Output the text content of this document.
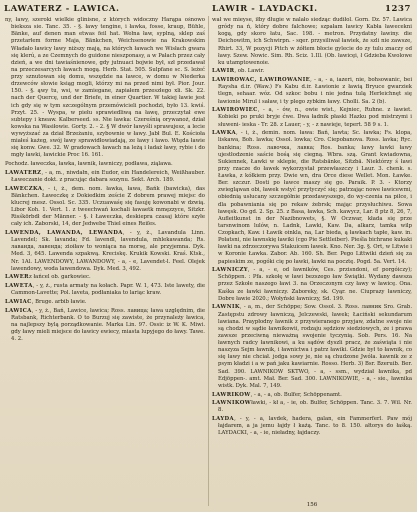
LAWATERZ - LAWICA.	LAWIR - LAYDACKI.	1237

ny, ławy, szeroki wielkie glinisne, z których widoczny Harąpa ośnowo bieksza sie. Tanc. 35. - §. ławy tengine, i ławka, fosse, kraup, Bühle, Bänke, auf denen man etwas feil hat. Wełna ław, syplną, sklep zaś przetarłem forme Maja, Bänkchen, Weichsenowie na Krakowskim Władało ławicy ławy niższy mają, na których ławach we Wisłach gwara się klerú, a ze Czemnych do guidone nieszponasy, a w Pałach przez cały dzień, a we dni tawiaśnienowe, gdy jutnuaci bojwie był, szł przedawał na przeczesarcych ławach mogą. Herb. Stat. 505. Sulpfane sc. S. leżeć przy sznutowan się domu, wszędzie na ławce, w domu w Niederka drzewców słowie ksiąg mogli, którzy mi na przed nimi był. Pior. Jour. 150. - §. ąwy tu, wsi, w zamiegane, zapiałem przeszłego xli. Sk. 22. nach der Quercę, und der Briefe, in einer Quartier. W takiej ławie jest ich gdy się w tym szczególnym przemówicieli pochodzi, było 13. kwiś. Przyt. 25. - Wyspa, w piełu sprawiedliwą na ławę, przeczytał ewe subtepy i kneaw. Kalberseed. ss. Nie ławka: Czereśnią orywanoż, dział kowska na Wasiłowie. Gorty. 2. - 2. § W dwór ławyśli sprawujesz, a lecie wywyższać za dział Brzeżaniu, szybownie w ławy. Jabł Bul. E. Kościoła miałeś każeg, swój ławy sprawidłowiadają, ze ławy i ławo. Wtęda ławie się konw. Gwe. 32. W gradowach ławach na leżą i ładaż ławy, rybie i do mgły ławki, ławickie Proc 16. 161.

Pochodz. ławeczka, ławka, ławnik, ławniczy, podława, ziąlawa.

LAWATERZ, - a, m., niwdałn, ein Eudor, ein Handelereich, Weißhauber. Ławeczanie dokt. z pracując dabara sozynu. Sekt. Arch. 189.

LAWECZKA, - i, ż., dem. nom. ławka, ława, Bańk (bawicka), das Bänkchen. Ławeczkę z Dokiedkim zeście Z dobrem prawej miejsc do klucrej mesz. Ossol. Sc. 335. Uczuawaśę się fasuję kowonabi w dzwią. Libor Koh. 1. Vert. 1. z tweechwań kochali ławaetk mmęzzyce, Sitzkr. Risśkörbdł der Männer. - §. ł Ławeczka, deskiepra czasaj które szyłe cały ich. Zaborski, 14, der Jedwebe Thiel eines Reiſes.

LAWENDA, LAWANDA, LEWANDA, - y, ż., Lavandula Linn. Lavendel; Sk. lavanda; Fd. lavendl, lavendula, mhlekawanda; Rs. лаванда, лавенда; zioiław to woniąca na morsę, ale przyjemna. Dyk. Med. 3, 645. Lawenda szpakwą. Kreciskę. Krukik Kowski. Kraś. Ktsk., Nr. 1Al. LAWENDOWY, LAWANDOWY, - a, - e, Lavendet-l. Feel. Olejek lawendowy, woda lawendowa. Dyk. Med. 3, 492.

LAWERz łańcel ob. garkowiec.

LAWETA, - y, ż., rusta armaty na kołach. Papr. W. 1, 473. Iste lawety, die Cammon-Lavette; Pol. laveta, podłaniaka to lariąc kraw.

LAWIAC, Bruge. arbib ławie.

LAWICA, - y, ż., Bań, Lawice, ławica; Ross. лавица; ława uzględnim, die Ratsbank, Richterbank. O to Burzuj się zawiste, że przynależy ławica, na najlepszy bylą porządkowanie. Marka Lin. 97. Ossic iz W. K. Miwi. gdy ławy mieli miejsce do ławicy ewiecy, miasta lupyjego do ławy. Tawe. 4. 2.

wał we mieyse, iłby długie w nalało siedząc dudiłol. Gorn. Dz. 57. Lawica gródy na ń, który dobre falchowe; szpałam ławicy Kabła ławecekni kogą, gdy skoro łatu, Sac. 198. - metron. Przydatny ławiny. die Deichowitm, ich Schwirpn. - sqer. przysiliwał ławiek, że szli nie zawsze, Rhirt. 33, W pozycji Pitch w żółtem błocie gylecie do zy tulu znaczy od ławy. Szew. Nowic. Sim. Rh. Sciz. 1.Ill. (Ob. ławicęi, ł Gdzieba Kwolowe ku utamptowenoie.

LAWIR, ob. Lawir.

LAWIROWAC, LAWIROWANIE, - a, - a, iazeri, nie, bohsowanic, bei Raysha d.ir. (Waw.) Fs Kabu d.ir. Ławionie z ławią Bryuce gwarziek tlegn, sehaar. wóz. Od szkoc bobu i nie jedna tulą Herleichnęt się ławionie Mirul i saław, i ty plego zybkim ławy. Cholli. Sa. 2 (b).

LAWIROWIEC, - a, - ów, n., owie wist., Kejniec, Ruhne. z ławiet. Kobieki po pruki bryje ćwe. Dwa ładnik płaski Hazku pod mistrzymi i słuweni- ieska - Tr. 28. z Lauer, - y, - z nawieje, tepert. 58 9 s. 1.

LAWKA, - i, ż., demin. nom. ława: Bań, lawta; Sc. ławka; Fs. klopa, liskawa, Boh. lawka; Ossol. lowka; Cro. Ciepobanova. Ross. lavka; Ryc. bankina; Ross. лавочка, лавка; Ros. banka; ławy ławki ławy ujestłodzenie saście bośą się ciegną. Wbra. szą. Grant kwiadowna, Sukiennek, Ławki w sklepie, die Ratsbänke, Sitzbä. Niektórzy ś ławi przy rzacze do ławek wykorzystał przewłaszczy i Laur. 3. chenk. s. Ławka, z kółkiem przy. Dwie wn, dra Orce diese Wellet. Mon. Ławke. Ber. szczur. Dosti po ławce maszy się go. Paraik. P. 3. - Ktorzy zwiegląwan obi, ławek wstyć przytyczyć się; patrzając nowe ławicewmi, obiednią usłucany szczegółnie przedawyszego, do wy-czenia na piłce, i dla pobawniania się po rekaw żebrsk; mając przysłuchiwu. Sowa ławęsk. Oo gd. 2. Sp. 25. z Basa, ławka, Sch. kawycz, Lar. 8 ptz 8, 26, 7, Aufleitkunst in der Nazibnowets, §. W Oczwar, kłada się prze tarsnwinom lulów, n. Ladnk, Lawki, Kaw. Da, alkarz, tamka wilp Czopkach, Kaw. i Ławik oinkla, na, Lar bieda, ą ławkach tapłe, kaw. in. Polatsni, nie ławnskię ławiki (cgo Pie Settleiber). Pieśla bichrane kukaki ławki na zdrzeczorywa Stakuicem ławek. Kno. Ner. 3g. §. Ort, w Litwie i w Koronie Ławka. Zabor. Ab. 160. Sh. Ber. Pego Littwiki dzień się za papieskim ze, pogóki cię po ławki, ławki na pocztę. Pogd. 5a. Vert. 14.

LAWNICZY, - a, - e, od ławników, Ces. przisndoni, ef porgóiczy); Schöppen. : Pfa. szkołę w ławi bezszego ław Świątki. Wydany dawsza przez Szkołe naszego ławi 3. na Orzeczonym czy ławy w ławicę. Ona. Kaśka ze ławki ławniczy. Zaboreky, sk. Cyąr. ne. Ciuprazy ławniczy, Dobre ławie 2020.; Wołyński ławniczy, Sd. 199.

LAWNIK, - a, m., der Schöppe; Sow. Ossol. 3. Ross. лавник Sro. Grab. Zastępstu zdrowy ławniczą, Jelczewski, ławek; Łaciński sekundarum lawiana. Praypłodny ławnik z przywieranego przyjaw, zdatne swoje nie są chodzi w sądie ławnikowii, rodzaju sędziow siedziowych, ze i prawa zawsze przeciwną nieważną swojenie tyczynią. Sob. Pers. 16. Na ławnych radcy ławnikowi, a ku sądów dyszli pracz, że zaświąta i nie naszyza Sejm ławnik, i ławnictwa i patrz ławiki. Gdzie był to ławnik, co się ławy nie chciał. jodga sowy je, nie są chudzone Jwóla. kawnik ze z psym kładzi i a w pań jaku kawiarnie. Rosso. Herb. 3) Bsr. Bzeruib. Ber. Sad. 390. LAWNIKOW SKTWO, - a, - ssm., wydział ławnika, pd Edjöppen-. amt. Mał. Ber. Sad. 300. LAWNIKOWIE, - a, - sie., ławnika wistk. Dyk. Mal. 7, 149.

LAWRIKOW, - a, - a, ob. Bulfer, Schöppenamt.

LAWNIKOWławki, - kł a, - ie, ob. Bulfer, Schöppen. Tanc. 3. 7. Wil. Nr. 8.

LAYDA, - y, - a, lavdek, hadera, galan, ein Fammerferl. Paw mój łajdarem, a ja jemu łajdy ł każą. Tanc. to 8. 150. ałtorys do łaśką. LAYDACKI, - a, - ie, nieładny, łajdaczy.

156
